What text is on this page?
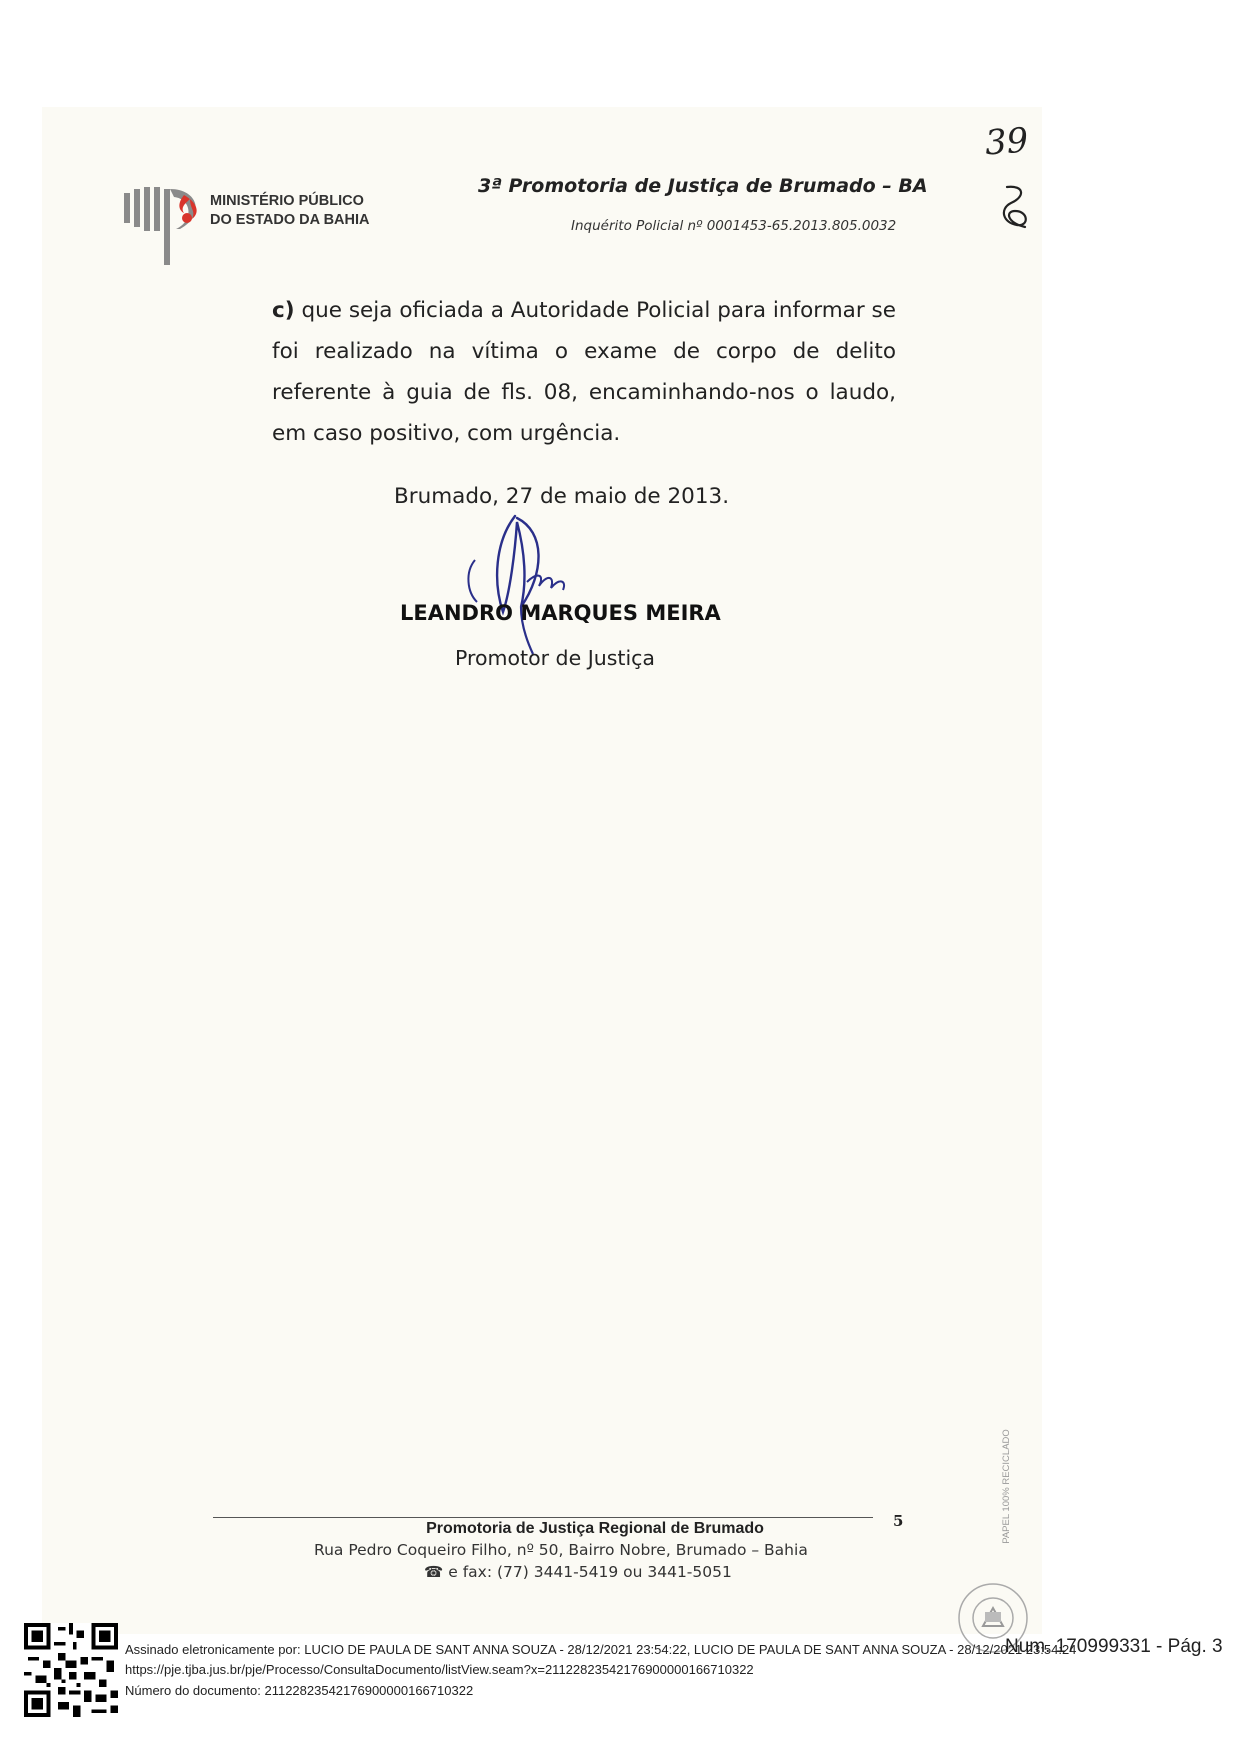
MINISTÉRIO PÚBLICO
DO ESTADO DA BAHIA
3ª Promotoria de Justiça de Brumado – BA
Inquérito Policial nº 0001453-65.2013.805.0032
39
c) que seja oficiada a Autoridade Policial para informar se foi realizado na vítima o exame de corpo de delito referente à guia de fls. 08, encaminhando-nos o laudo, em caso positivo, com urgência.
Brumado, 27 de maio de 2013.
LEANDRO MARQUES MEIRA
Promotor de Justiça
5
Promotoria de Justiça Regional de Brumado
Rua Pedro Coqueiro Filho, nº 50, Bairro Nobre, Brumado – Bahia
☎ e fax: (77) 3441-5419 ou 3441-5051
PAPEL 100% RECICLADO
Assinado eletronicamente por: LUCIO DE PAULA DE SANT ANNA SOUZA - 28/12/2021 23:54:22, LUCIO DE PAULA DE SANT ANNA SOUZA - 28/12/2021 23:54:24
https://pje.tjba.jus.br/pje/Processo/ConsultaDocumento/listView.seam?x=21122823542176900000166710322
Número do documento: 21122823542176900000166710322
Num. 170999331 - Pág. 3
